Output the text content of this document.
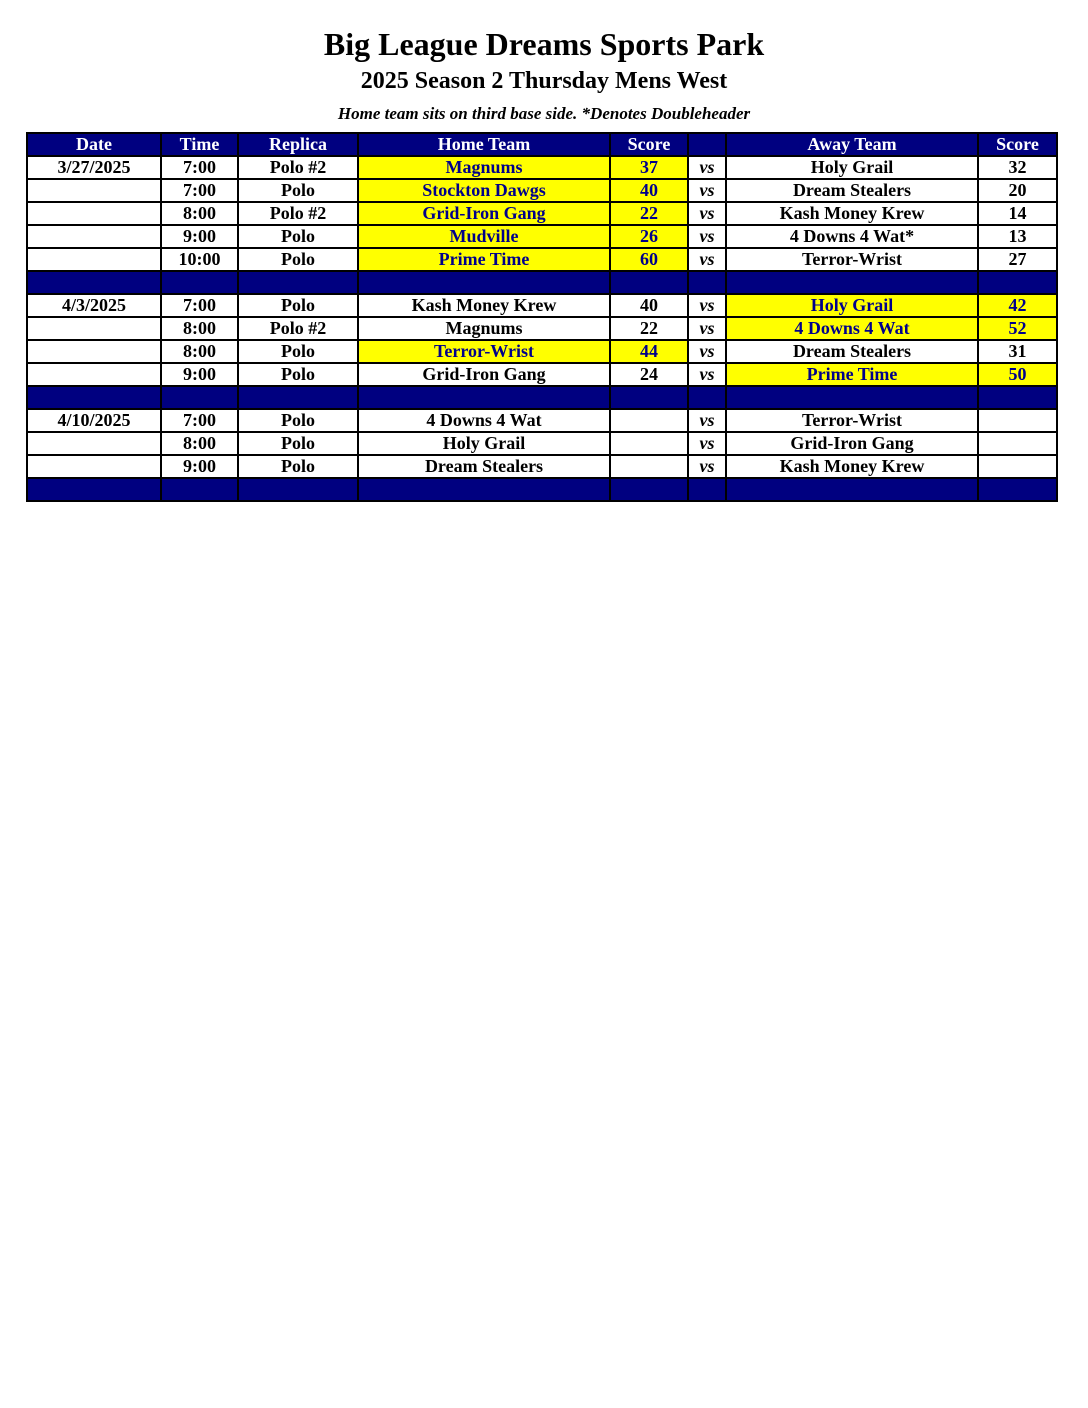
Big League Dreams Sports Park
2025 Season 2 Thursday Mens West
Home team sits on third base side. *Denotes Doubleheader
Date	Time	Replica	Home Team	Score		Away Team	Score
3/27/2025	7:00	Polo #2	Magnums	37	vs	Holy Grail	32
	7:00	Polo	Stockton Dawgs	40	vs	Dream Stealers	20
	8:00	Polo #2	Grid-Iron Gang	22	vs	Kash Money Krew	14
	9:00	Polo	Mudville	26	vs	4 Downs 4 Wat*	13
	10:00	Polo	Prime Time	60	vs	Terror-Wrist	27

4/3/2025	7:00	Polo	Kash Money Krew	40	vs	Holy Grail	42
	8:00	Polo #2	Magnums	22	vs	4 Downs 4 Wat	52
	8:00	Polo	Terror-Wrist	44	vs	Dream Stealers	31
	9:00	Polo	Grid-Iron Gang	24	vs	Prime Time	50

4/10/2025	7:00	Polo	4 Downs 4 Wat		vs	Terror-Wrist	
	8:00	Polo	Holy Grail		vs	Grid-Iron Gang	
	9:00	Polo	Dream Stealers		vs	Kash Money Krew	
